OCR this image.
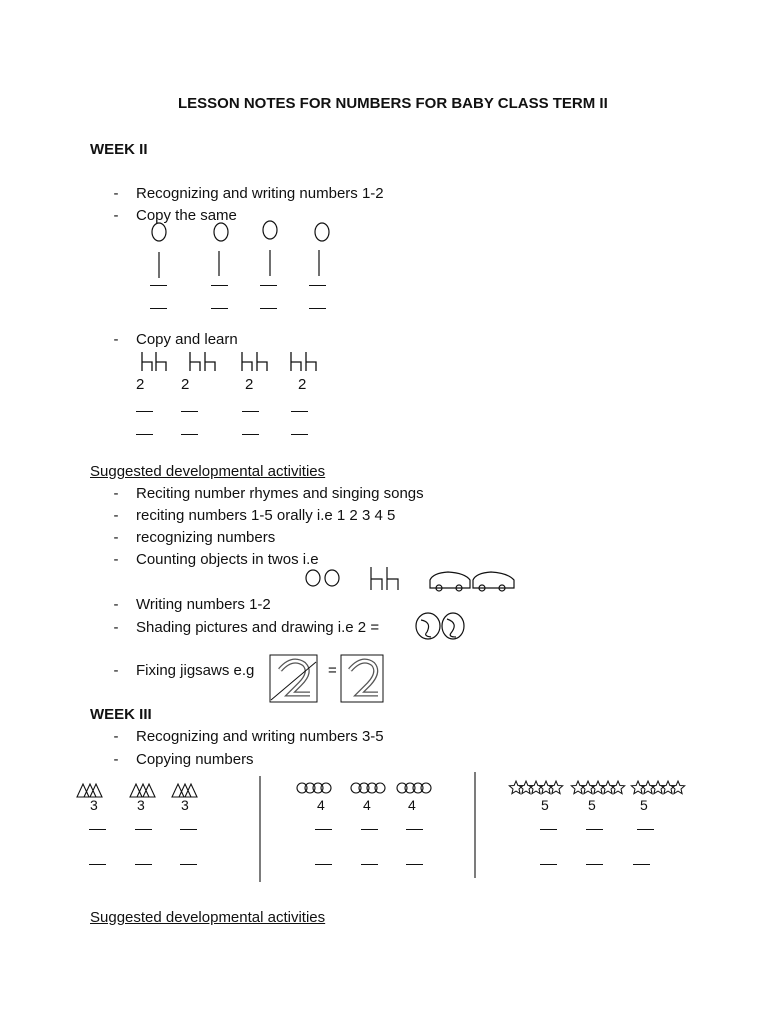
LESSON NOTES FOR NUMBERS FOR BABY CLASS TERM II
WEEK II
-	Recognizing and writing numbers 1-2
-	Copy the same
-	Copy and learn
2 2	2	2
Suggested developmental activities
-	Reciting number rhymes and singing songs
-	reciting numbers 1-5 orally i.e 1 2 3 4 5
-	recognizing numbers
-	Counting objects in twos i.e
-	Writing numbers 1-2
-	Shading pictures and drawing i.e 2 =
-	Fixing jigsaws e.g	=
WEEK III
-	Recognizing and writing numbers 3-5
-	Copying numbers
3	3	3	4	4	4	5	5	5
Suggested developmental activities
